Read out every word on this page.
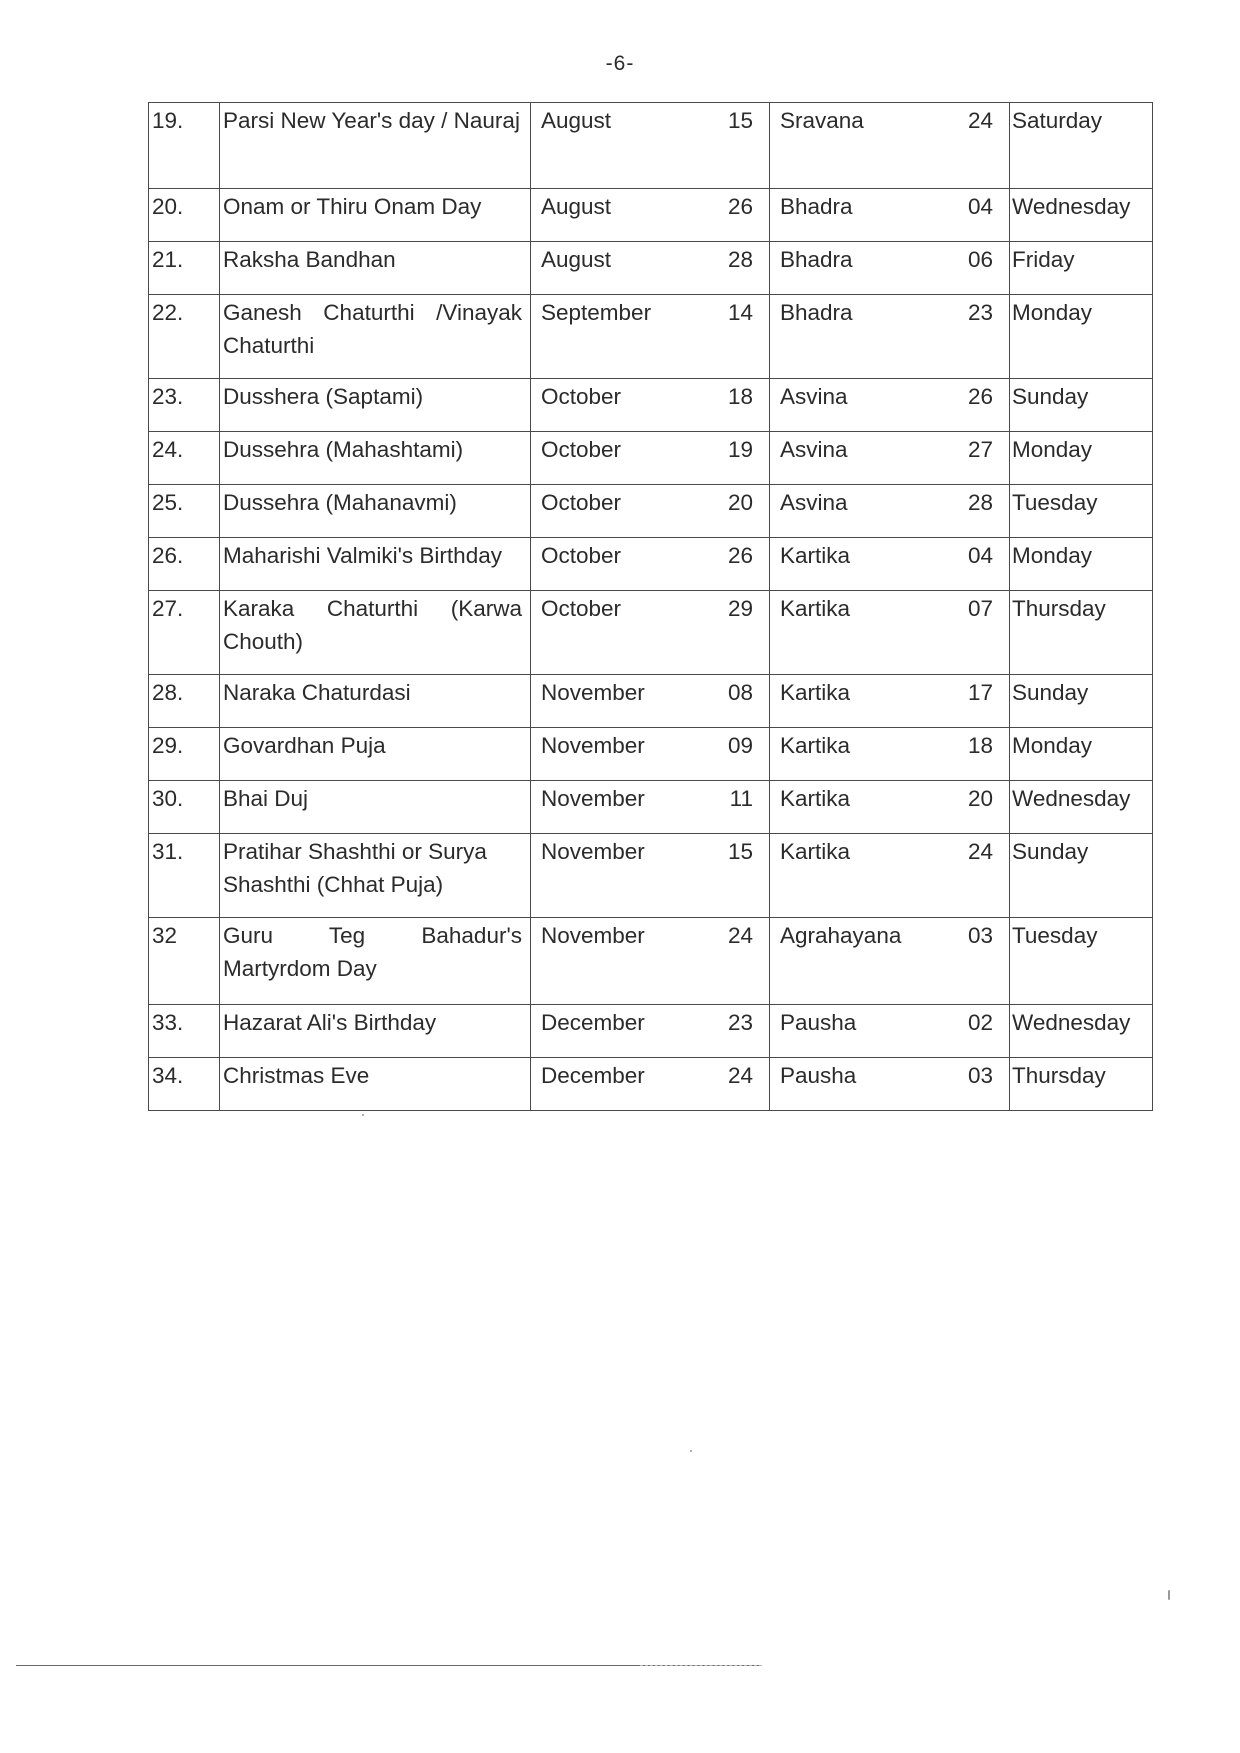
-6-
19.	Parsi New Year's day / Nauraj	August 15	Sravana 24	Saturday
20.	Onam or Thiru Onam Day	August 26	Bhadra 04	Wednesday
21.	Raksha Bandhan	August 28	Bhadra 06	Friday
22.	Ganesh Chaturthi /Vinayak Chaturthi	September 14	Bhadra 23	Monday
23.	Dusshera (Saptami)	October 18	Asvina 26	Sunday
24.	Dussehra (Mahashtami)	October 19	Asvina 27	Monday
25.	Dussehra (Mahanavmi)	October 20	Asvina 28	Tuesday
26.	Maharishi Valmiki's Birthday	October 26	Kartika 04	Monday
27.	Karaka Chaturthi (Karwa Chouth)	October 29	Kartika 07	Thursday
28.	Naraka Chaturdasi	November 08	Kartika 17	Sunday
29.	Govardhan Puja	November 09	Kartika 18	Monday
30.	Bhai Duj	November 11	Kartika 20	Wednesday
31.	Pratihar Shashthi or Surya Shashthi (Chhat Puja)	November 15	Kartika 24	Sunday
32	Guru Teg Bahadur's Martyrdom Day	November 24	Agrahayana 03	Tuesday
33.	Hazarat Ali's Birthday	December 23	Pausha 02	Wednesday
34.	Christmas Eve	December 24	Pausha 03	Thursday
